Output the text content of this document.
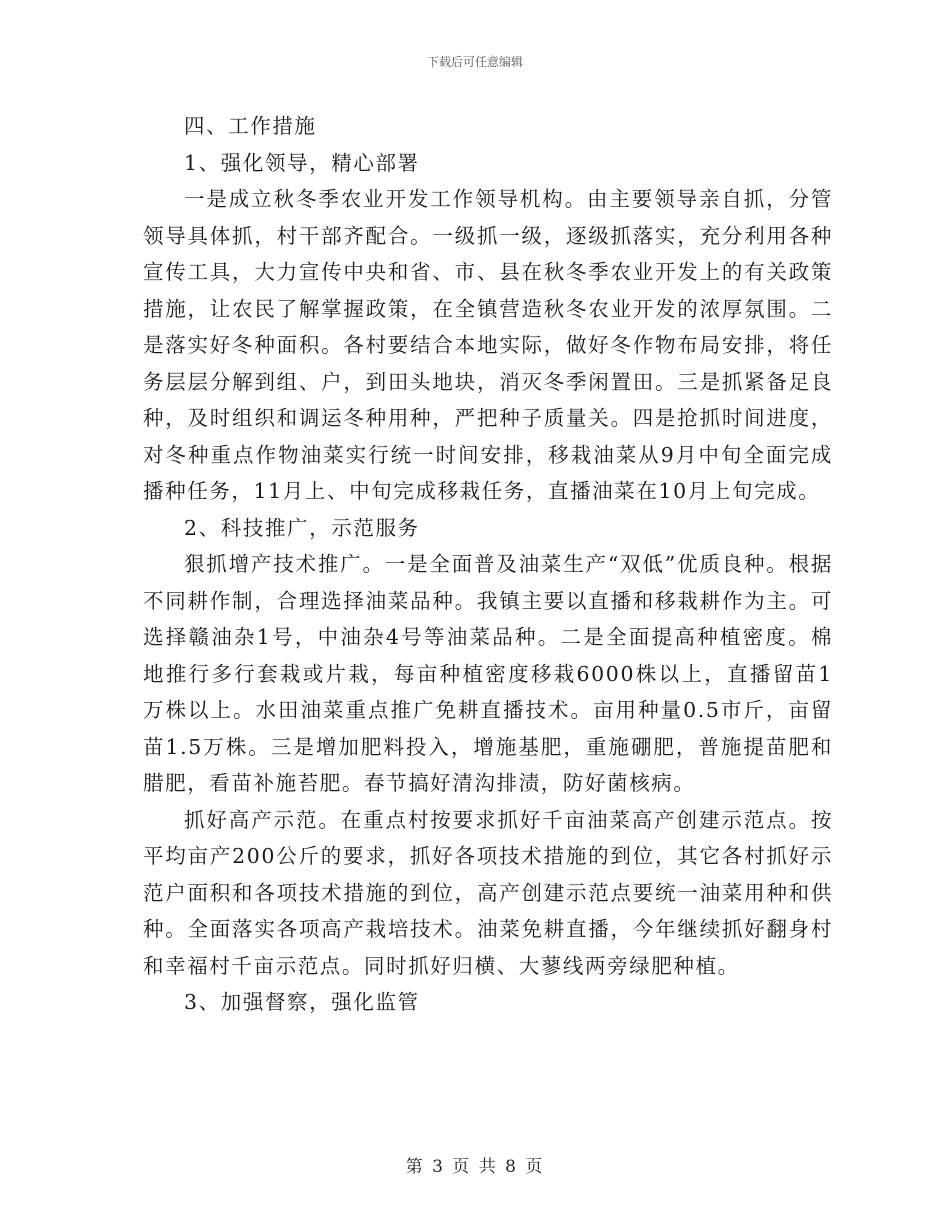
下载后可任意编辑

四、工作措施

1、强化领导，精心部署

一是成立秋冬季农业开发工作领导机构。由主要领导亲自抓，分管领导具体抓，村干部齐配合。一级抓一级，逐级抓落实，充分利用各种宣传工具，大力宣传中央和省、市、县在秋冬季农业开发上的有关政策措施，让农民了解掌握政策，在全镇营造秋冬农业开发的浓厚氛围。二是落实好冬种面积。各村要结合本地实际，做好冬作物布局安排，将任务层层分解到组、户，到田头地块，消灭冬季闲置田。三是抓紧备足良种，及时组织和调运冬种用种，严把种子质量关。四是抢抓时间进度，对冬种重点作物油菜实行统一时间安排，移栽油菜从9月中旬全面完成播种任务，11月上、中旬完成移栽任务，直播油菜在10月上旬完成。

2、科技推广，示范服务

狠抓增产技术推广。一是全面普及油菜生产“双低”优质良种。根据不同耕作制，合理选择油菜品种。我镇主要以直播和移栽耕作为主。可选择赣油杂1号，中油杂4号等油菜品种。二是全面提高种植密度。棉地推行多行套栽或片栽，每亩种植密度移栽6000株以上，直播留苗1万株以上。水田油菜重点推广免耕直播技术。亩用种量0.5市斤，亩留苗1.5万株。三是增加肥料投入，增施基肥，重施硼肥，普施提苗肥和腊肥，看苗补施苔肥。春节搞好清沟排渍，防好菌核病。

抓好高产示范。在重点村按要求抓好千亩油菜高产创建示范点。按平均亩产200公斤的要求，抓好各项技术措施的到位，其它各村抓好示范户面积和各项技术措施的到位，高产创建示范点要统一油菜用种和供种。全面落实各项高产栽培技术。油菜免耕直播，今年继续抓好翻身村和幸福村千亩示范点。同时抓好归横、大蓼线两旁绿肥种植。

3、加强督察，强化监管

第 3 页 共 8 页
